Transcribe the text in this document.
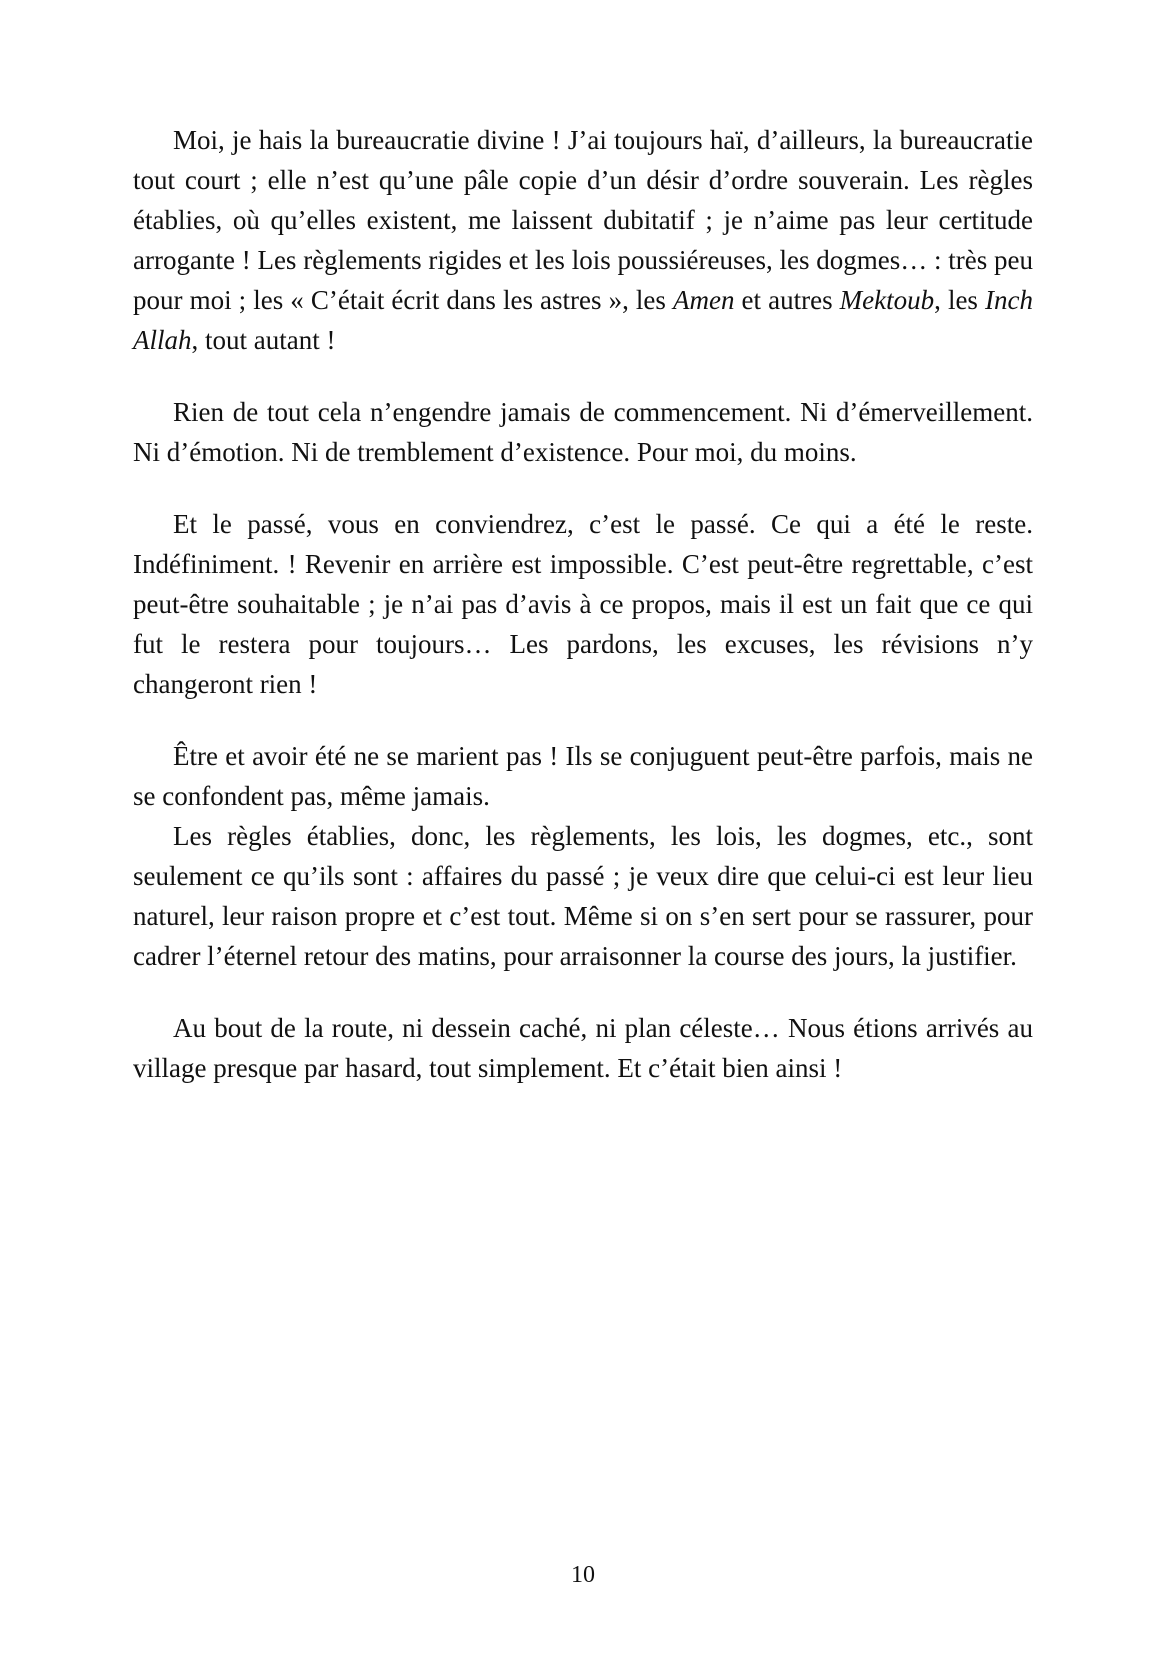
Moi, je hais la bureaucratie divine ! J’ai toujours haï, d’ailleurs, la bureaucratie tout court ; elle n’est qu’une pâle copie d’un désir d’ordre souverain. Les règles établies, où qu’elles existent, me laissent dubitatif ; je n’aime pas leur certitude arrogante ! Les règlements rigides et les lois poussiéreuses, les dogmes… : très peu pour moi ; les « C’était écrit dans les astres », les Amen et autres Mektoub, les Inch Allah, tout autant !

Rien de tout cela n’engendre jamais de commencement. Ni d’émerveillement. Ni d’émotion. Ni de tremblement d’existence. Pour moi, du moins.

Et le passé, vous en conviendrez, c’est le passé. Ce qui a été le reste. Indéfiniment. ! Revenir en arrière est impossible. C’est peut-être regrettable, c’est peut-être souhaitable ; je n’ai pas d’avis à ce propos, mais il est un fait que ce qui fut le restera pour toujours… Les pardons, les excuses, les révisions n’y changeront rien !

Être et avoir été ne se marient pas ! Ils se conjuguent peut-être parfois, mais ne se confondent pas, même jamais.

Les règles établies, donc, les règlements, les lois, les dogmes, etc., sont seulement ce qu’ils sont : affaires du passé ; je veux dire que celui-ci est leur lieu naturel, leur raison propre et c’est tout. Même si on s’en sert pour se rassurer, pour cadrer l’éternel retour des matins, pour arraisonner la course des jours, la justifier.

Au bout de la route, ni dessein caché, ni plan céleste… Nous étions arrivés au village presque par hasard, tout simplement. Et c’était bien ainsi !

10
